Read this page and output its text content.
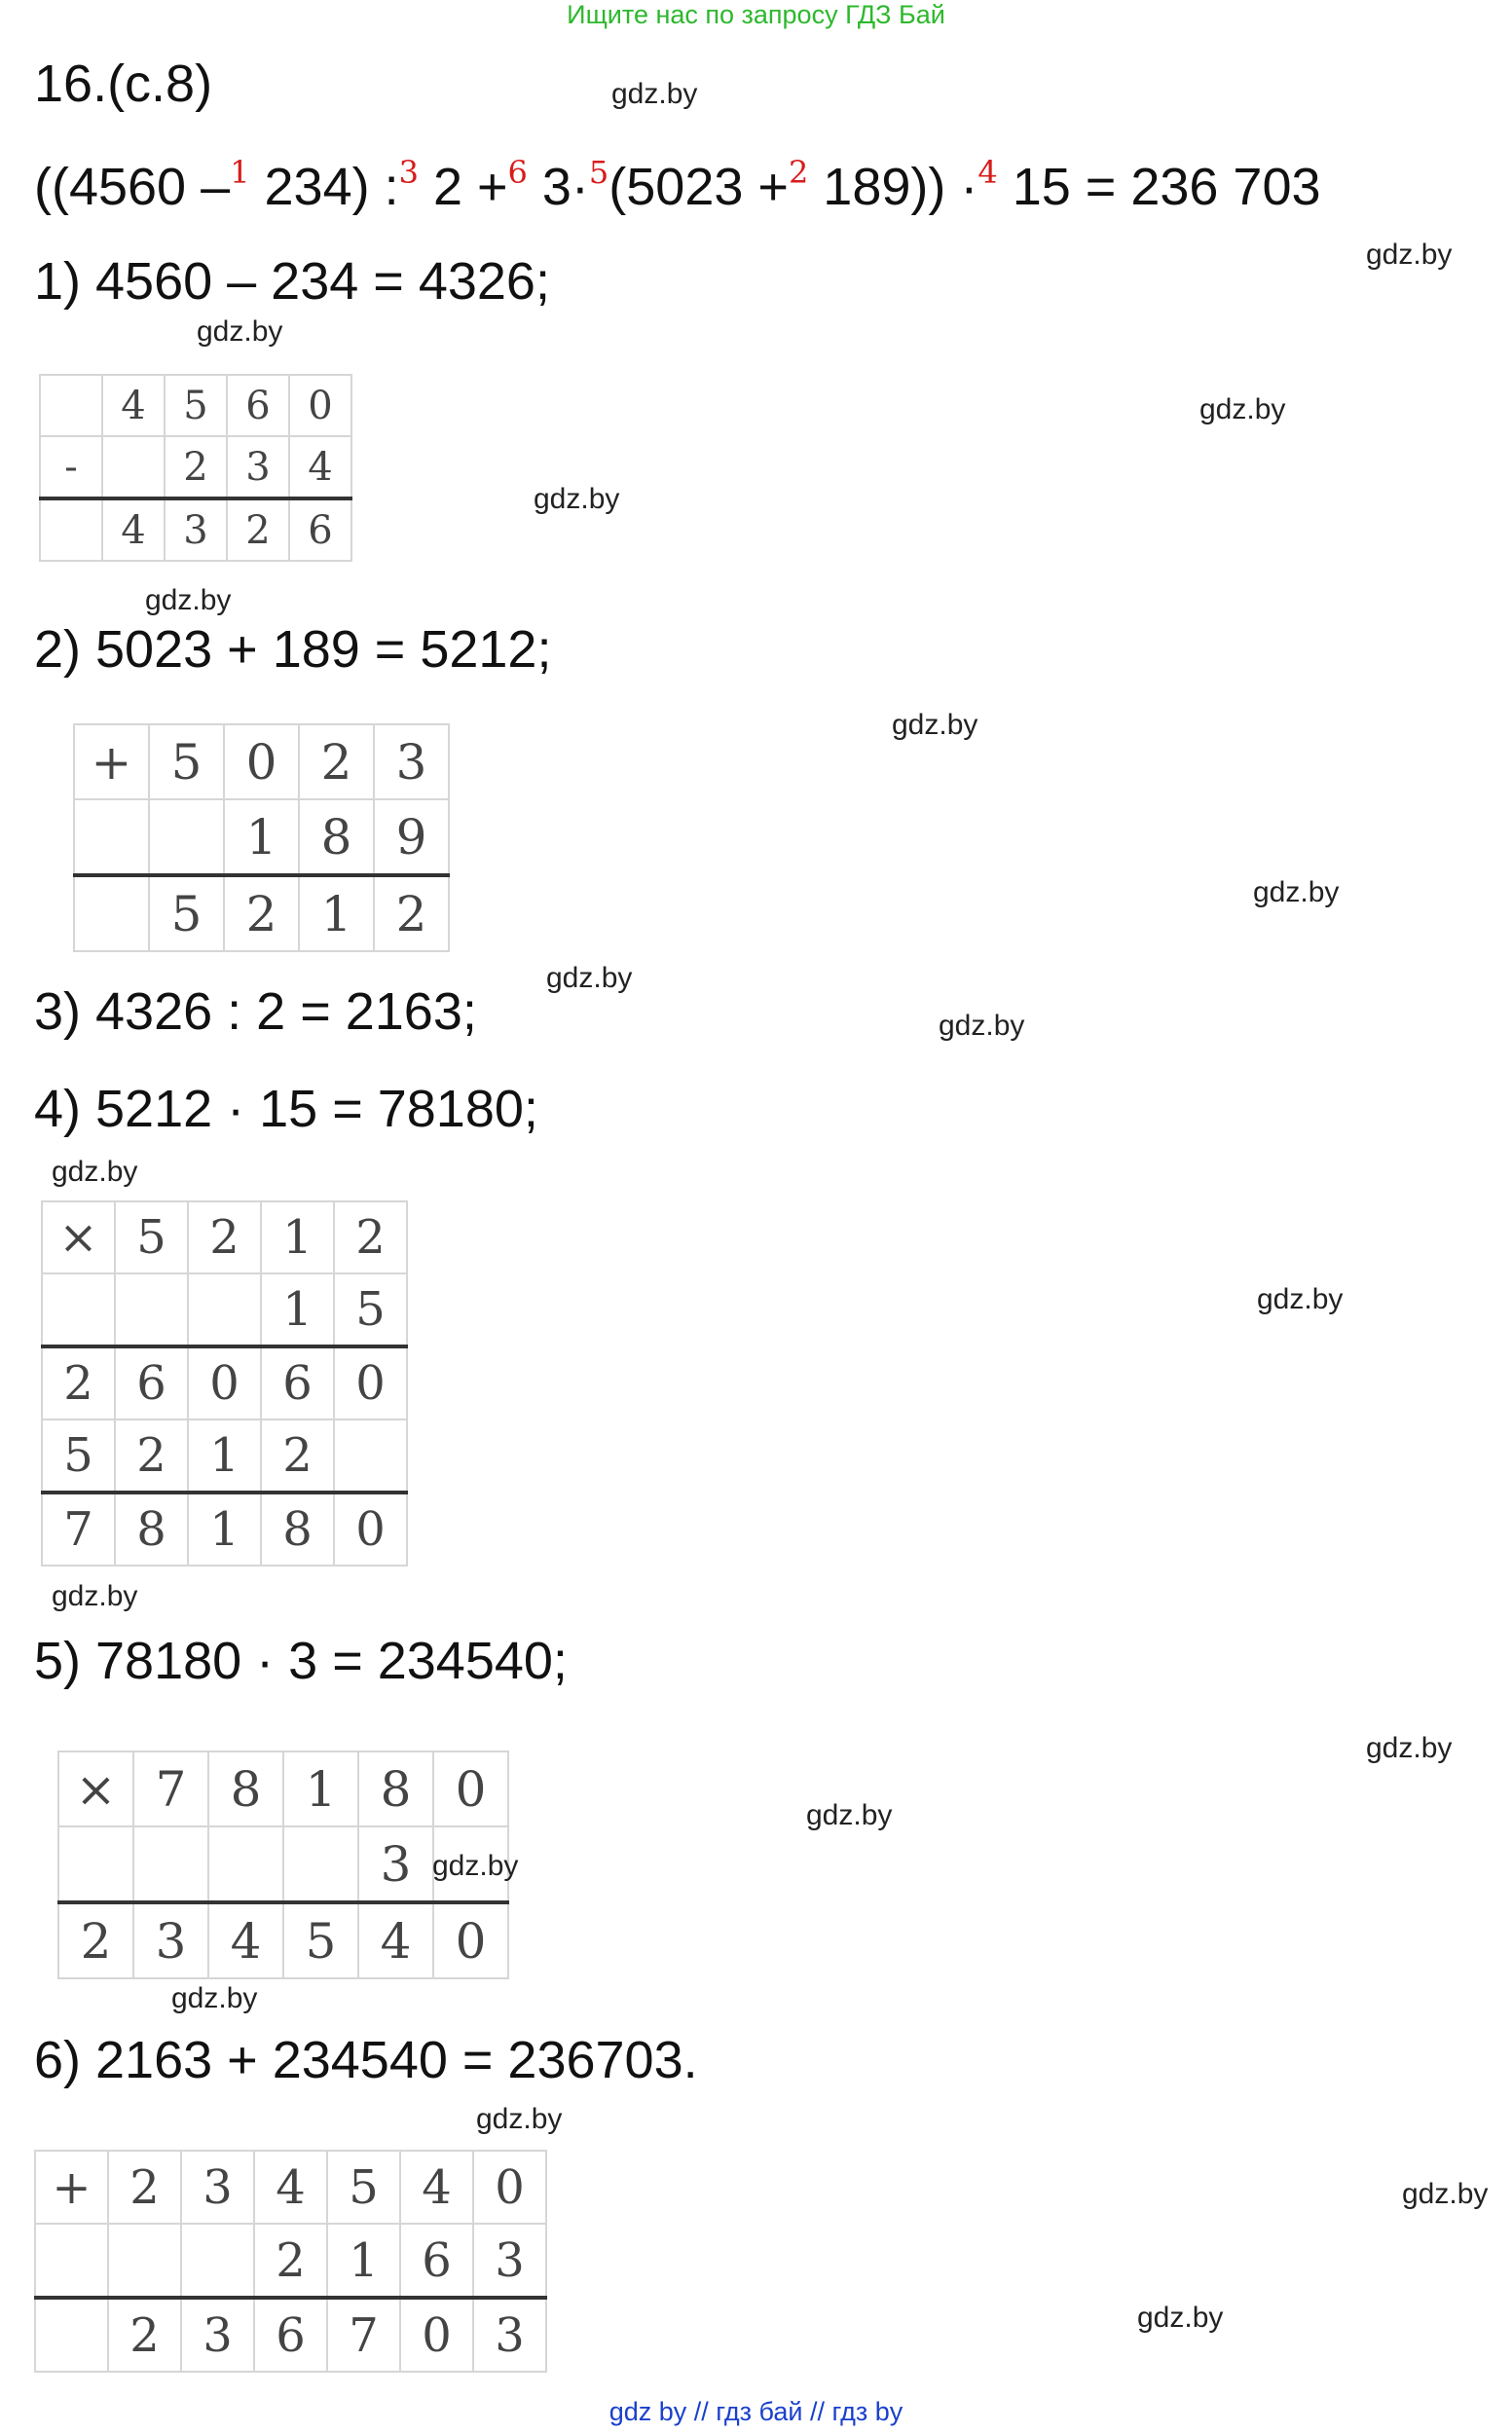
Ищите нас по запросу ГДЗ Бай
16.(с.8)
((4560 –$^1$ 234) :$^3$ 2 +$^6$ 3·$^5$(5023 +$^2$ 189)) ·$^4$ 15 = 236 703
1) 4560 – 234 = 4326;
	4	5	6	0
-		2	3	4
	4	3	2	6
2) 5023 + 189 = 5212;
+	5	0	2	3
		1	8	9
	5	2	1	2
3) 4326 : 2 = 2163;
4) 5212 · 15 = 78180;
×	5	2	1	2
			1	5
2	6	0	6	0
5	2	1	2	
7	8	1	8	0
5) 78180 · 3 = 234540;
×	7	8	1	8	0
				3	
2	3	4	5	4	0
6) 2163 + 234540 = 236703.
+	2	3	4	5	4	0
			2	1	6	3
	2	3	6	7	0	3
gdz.by
gdz.by
gdz.by
gdz.by
gdz.by
gdz.by
gdz.by
gdz.by
gdz.by
gdz.by
gdz.by
gdz.by
gdz.by
gdz.by
gdz.by
gdz.by
gdz.by
gdz.by
gdz.by
gdz.by
gdz by // гдз бай // гдз by
